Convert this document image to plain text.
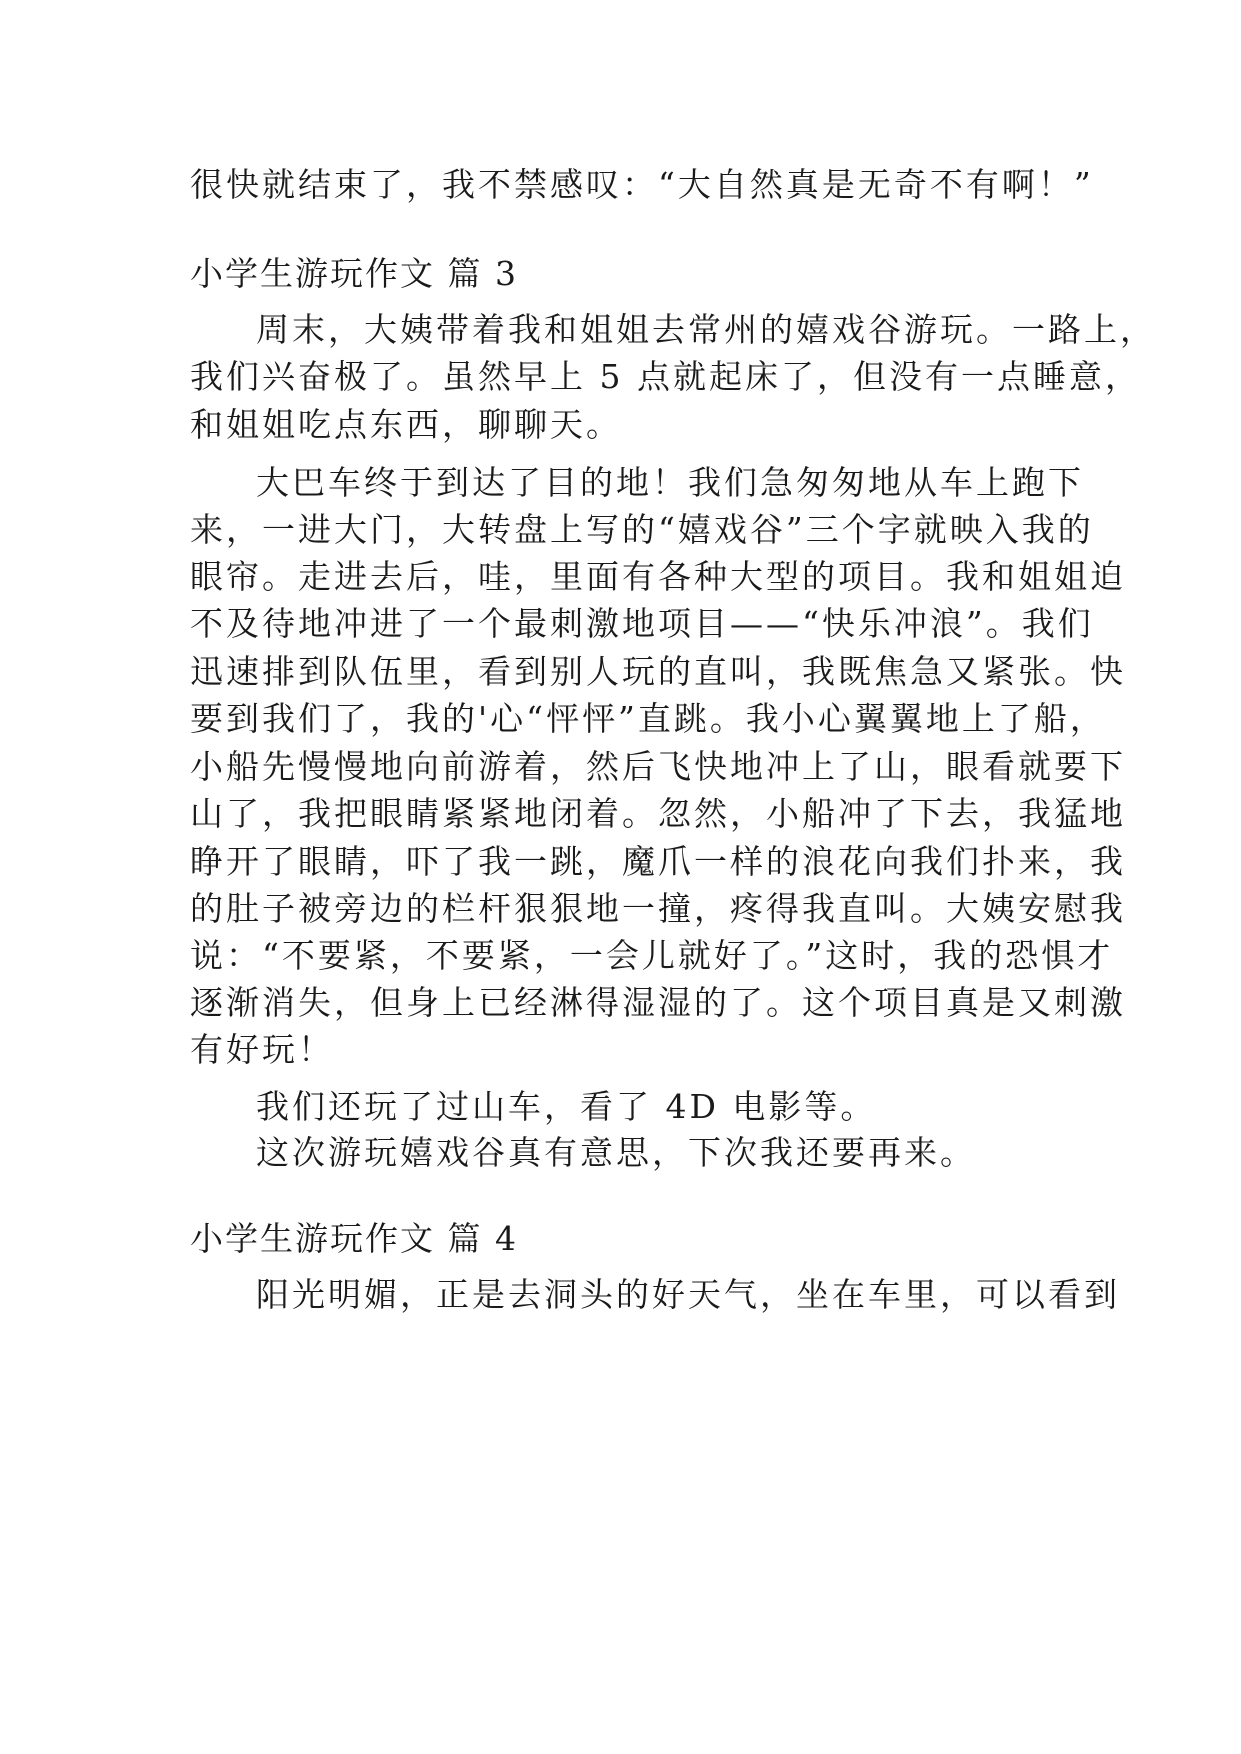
很快就结束了，我不禁感叹：“大自然真是无奇不有啊！”
小学生游玩作文 篇 3
周末，大姨带着我和姐姐去常州的嬉戏谷游玩。一路上，
我们兴奋极了。虽然早上 5 点就起床了，但没有一点睡意，
和姐姐吃点东西，聊聊天。
大巴车终于到达了目的地！我们急匆匆地从车上跑下
来，一进大门，大转盘上写的“嬉戏谷”三个字就映入我的
眼帘。走进去后，哇，里面有各种大型的项目。我和姐姐迫
不及待地冲进了一个最刺激地项目——“快乐冲浪”。我们
迅速排到队伍里，看到别人玩的直叫，我既焦急又紧张。快
要到我们了，我的'心“怦怦”直跳。我小心翼翼地上了船，
小船先慢慢地向前游着，然后飞快地冲上了山，眼看就要下
山了，我把眼睛紧紧地闭着。忽然，小船冲了下去，我猛地
睁开了眼睛，吓了我一跳，魔爪一样的浪花向我们扑来，我
的肚子被旁边的栏杆狠狠地一撞，疼得我直叫。大姨安慰我
说：“不要紧，不要紧，一会儿就好了。”这时，我的恐惧才
逐渐消失，但身上已经淋得湿湿的了。这个项目真是又刺激
有好玩！
我们还玩了过山车，看了 4D 电影等。
这次游玩嬉戏谷真有意思，下次我还要再来。
小学生游玩作文 篇 4
阳光明媚，正是去洞头的好天气，坐在车里，可以看到
